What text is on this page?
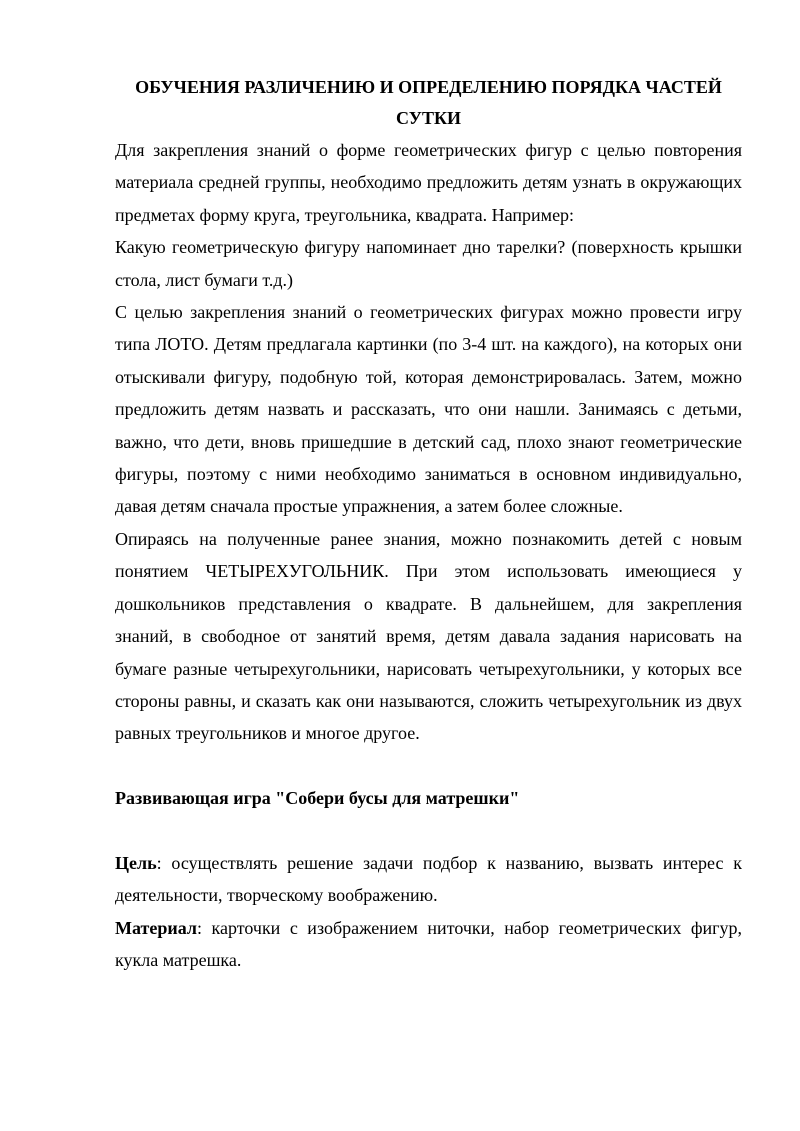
ОБУЧЕНИЯ РАЗЛИЧЕНИЮ И ОПРЕДЕЛЕНИЮ ПОРЯДКА ЧАСТЕЙ СУТКИ

Для закрепления знаний о форме геометрических фигур с целью повторения материала средней группы, необходимо предложить детям узнать в окружающих предметах форму круга, треугольника, квадрата. Например:

Какую геометрическую фигуру напоминает дно тарелки? (поверхность крышки стола, лист бумаги т.д.)

С целью закрепления знаний о геометрических фигурах можно провести игру типа ЛОТО. Детям предлагала картинки (по 3-4 шт. на каждого), на которых они отыскивали фигуру, подобную той, которая демонстрировалась. Затем, можно предложить детям назвать и рассказать, что они нашли. Занимаясь с детьми, важно, что дети, вновь пришедшие в детский сад, плохо знают геометрические фигуры, поэтому с ними необходимо заниматься в основном индивидуально, давая детям сначала простые упражнения, а затем более сложные.

Опираясь на полученные ранее знания, можно познакомить детей с новым понятием ЧЕТЫРЕХУГОЛЬНИК. При этом использовать имеющиеся у дошкольников представления о квадрате. В дальнейшем, для закрепления знаний, в свободное от занятий время, детям давала задания нарисовать на бумаге разные четырехугольники, нарисовать четырехугольники, у которых все стороны равны, и сказать как они называются, сложить четырехугольник из двух равных треугольников и многое другое.

Развивающая игра "Собери бусы для матрешки"

Цель: осуществлять решение задачи подбор к названию, вызвать интерес к деятельности, творческому воображению.

Материал: карточки с изображением ниточки, набор геометрических фигур, кукла матрешка.
